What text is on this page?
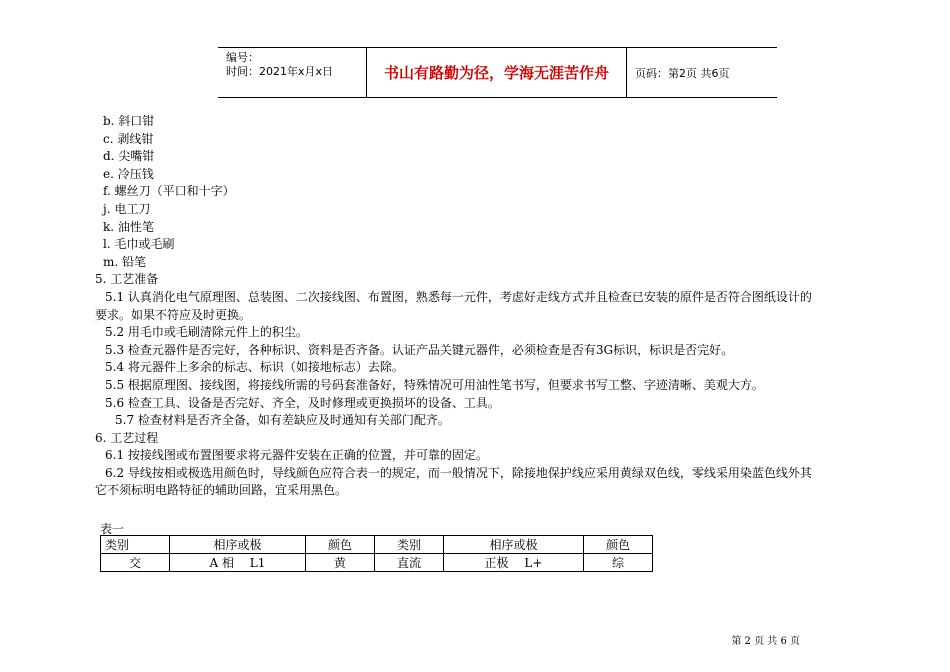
编号：
时间：2021年x月x日	书山有路勤为径，学海无涯苦作舟	页码：第2页 共6页

b. 斜口钳

c. 剥线钳

d. 尖嘴钳

e. 冷压钱

f. 螺丝刀（平口和十字）

j. 电工刀

k. 油性笔

l. 毛巾或毛刷

m. 铅笔

5. 工艺准备

5.1 认真消化电气原理图、总装图、二次接线图、布置图，熟悉每一元件，考虑好走线方式并且检查已安装的原件是否符合图纸设计的

要求。如果不符应及时更换。

5.2 用毛巾或毛刷清除元件上的积尘。

5.3 检查元器件是否完好，各种标识、资料是否齐备。认证产品关键元器件，必须检查是否有3G标识，标识是否完好。

5.4 将元器件上多余的标志、标识（如接地标志）去除。

5.5 根据原理图、接线图，将接线所需的号码套准备好，特殊情况可用油性笔书写，但要求书写工整、字迹清晰、美观大方。

5.6 检查工具、设备是否完好、齐全，及时修理或更换损坏的设备、工具。

5.7 检查材料是否齐全备，如有差缺应及时通知有关部门配齐。

6. 工艺过程

6.1 按接线图或布置图要求将元器件安装在正确的位置，并可靠的固定。

6.2 导线按相或极选用颜色时，导线颜色应符合表一的规定，而一般情况下，除接地保护线应采用黄绿双色线，零线采用染蓝色线外其

它不须标明电路特征的辅助回路，宜采用黑色。

表一
类别	相序或极	颜色	类别	相序或极	颜色
交	A 相　 L1	黄	直流	正极　 L+	综
第 2 页 共 6 页
